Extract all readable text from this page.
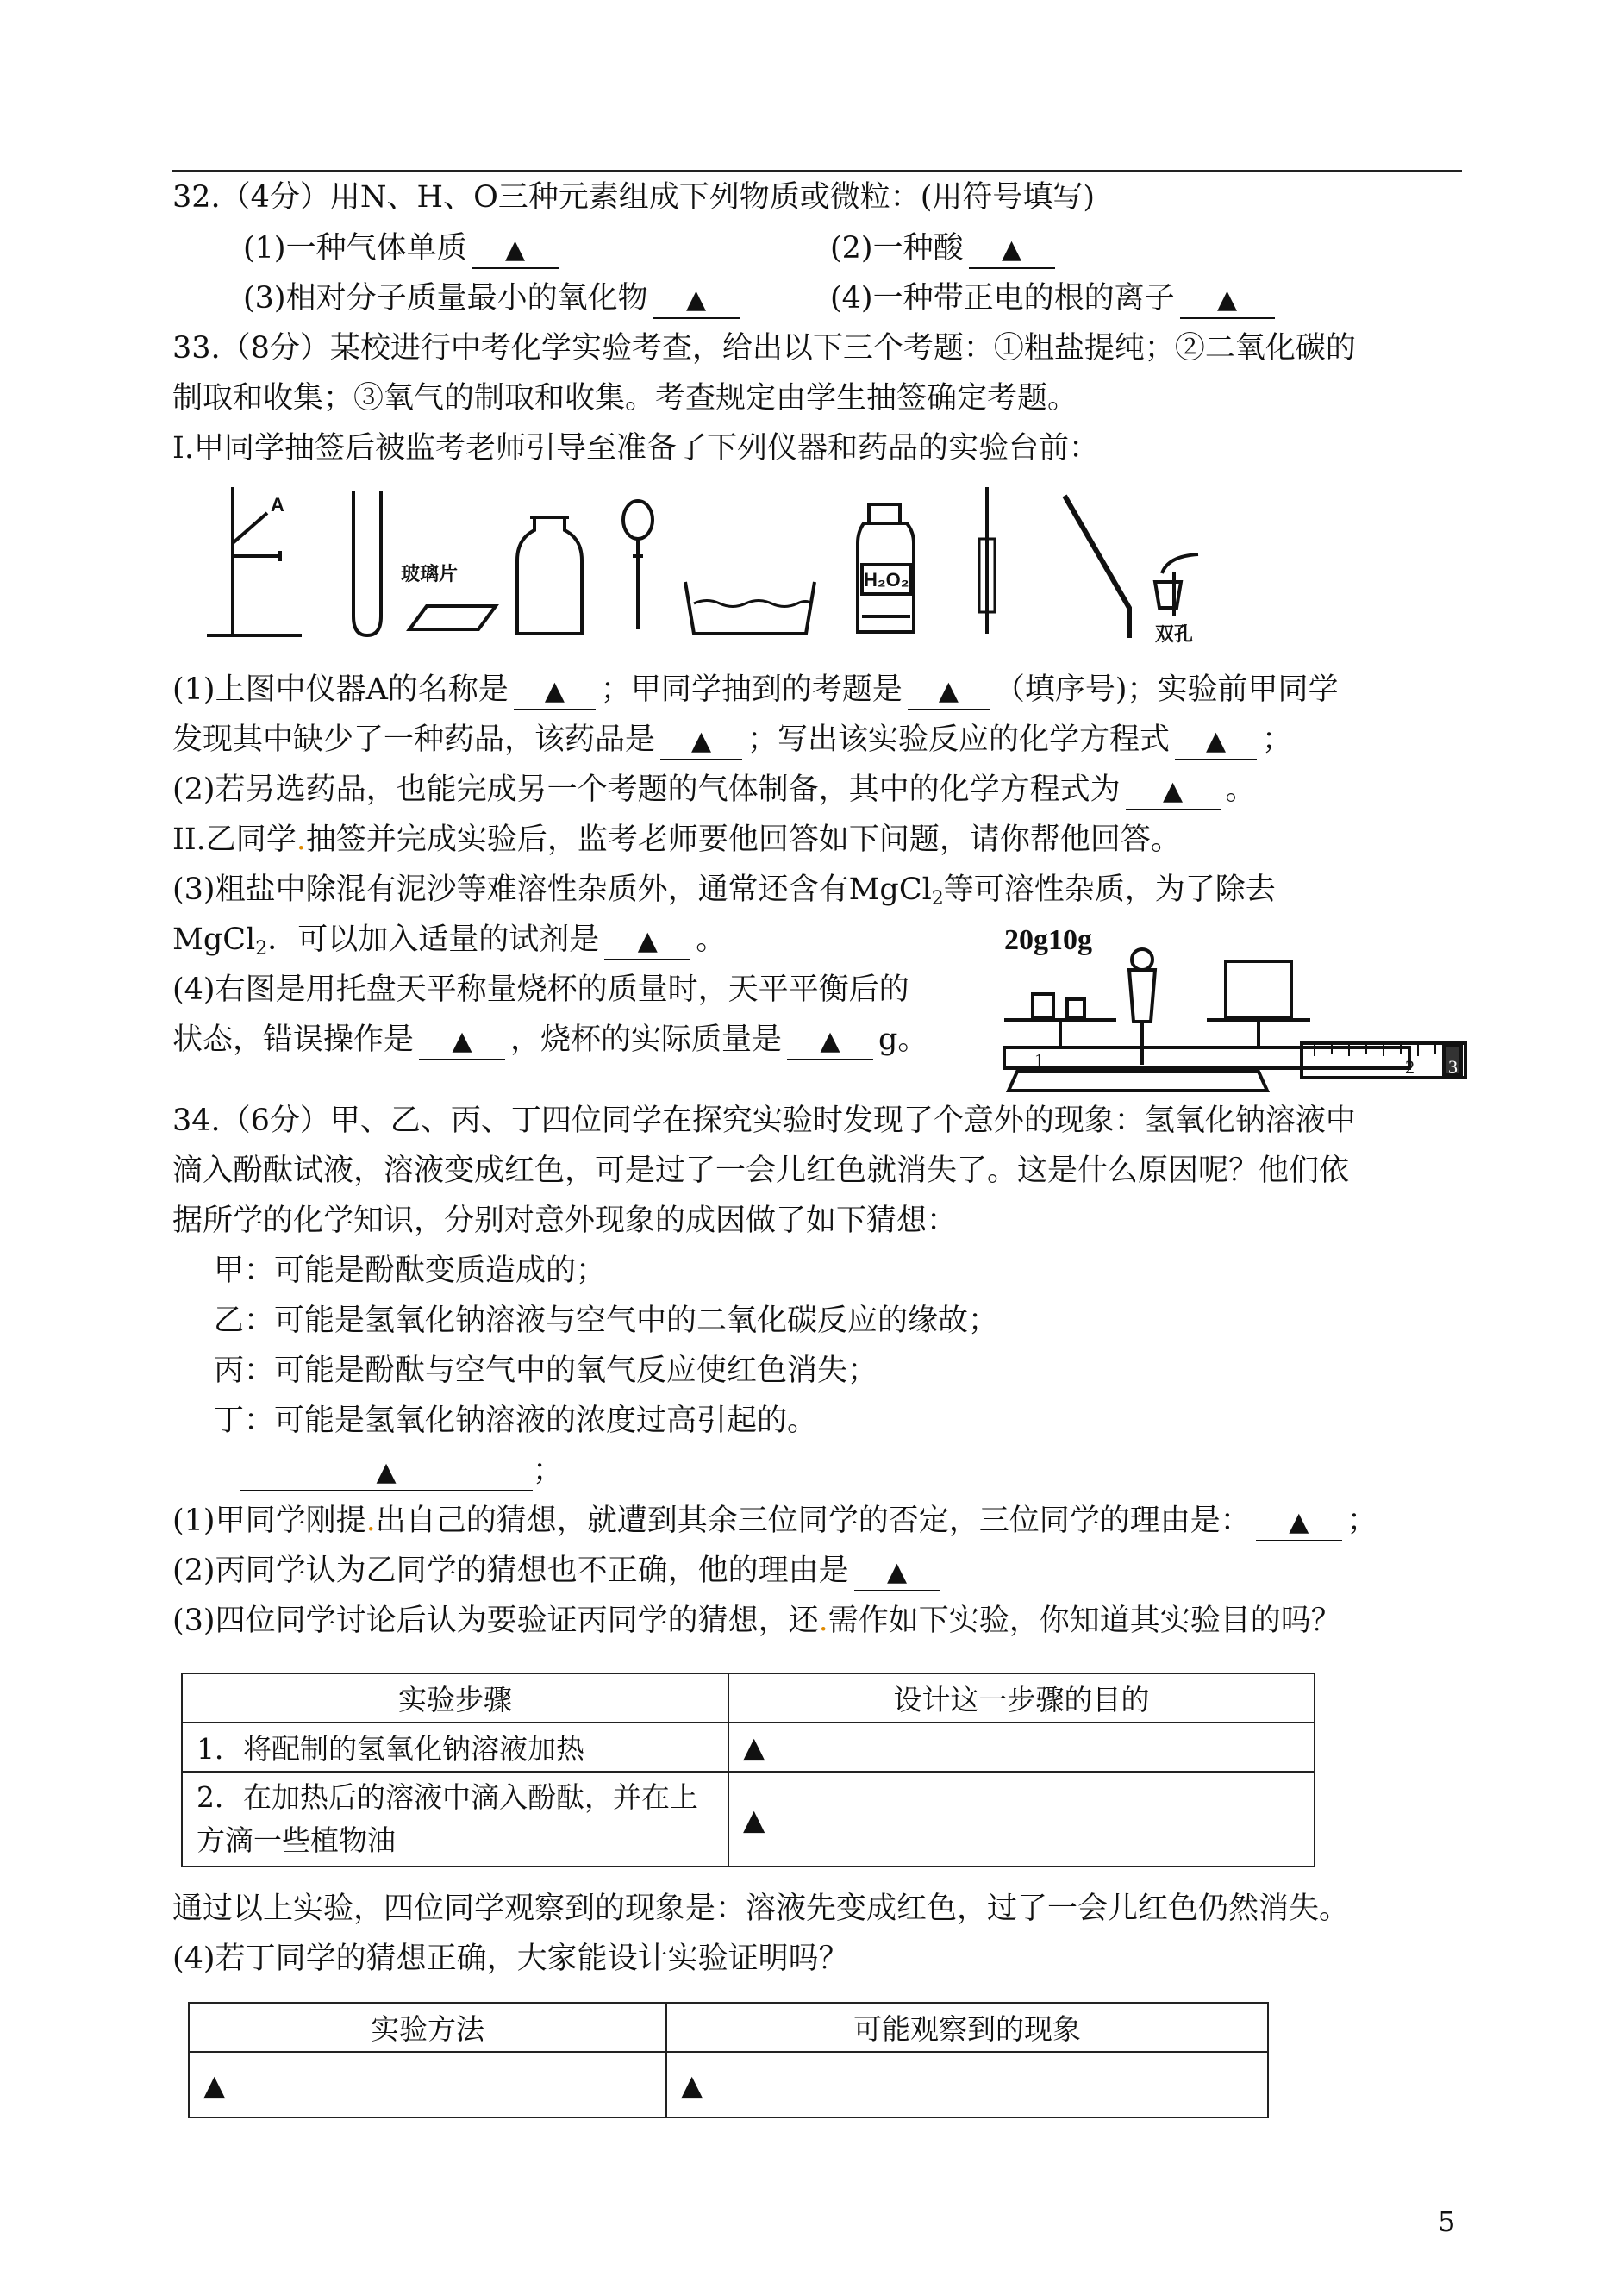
32.（4分）用N、H、O三种元素组成下列物质或微粒：(用符号填写)
(1)一种气体单质 ▲	(2)一种酸 ▲
(3)相对分子质量最小的氧化物 ▲	(4)一种带正电的根的离子 ▲
33.（8分）某校进行中考化学实验考查，给出以下三个考题：①粗盐提纯；②二氧化碳的
制取和收集；③氧气的制取和收集。考查规定由学生抽签确定考题。
I.甲同学抽签后被监考老师引导至准备了下列仪器和药品的实验台前：
A
玻璃片	H₂O₂
双孔
(1)上图中仪器A的名称是 ▲ ；甲同学抽到的考题是 ▲ （填序号)；实验前甲同学
发现其中缺少了一种药品，该药品是 ▲ ；写出该实验反应的化学方程式 ▲ ；
(2)若另选药品，也能完成另一个考题的气体制备，其中的化学方程式为 ▲ 。
II.乙同学.抽签并完成实验后，监考老师要他回答如下问题，请你帮他回答。
(3)粗盐中除混有泥沙等难溶性杂质外，通常还含有MgCl$_2$等可溶性杂质，为了除去
MgCl$_2$．可以加入适量的试剂是 ▲ 。
(4)右图是用托盘天平称量烧杯的质量时，天平平衡后的
状态，错误操作是 ▲ ，烧杯的实际质量是 ▲ g。
20g10g
1	2 3
34.（6分）甲、乙、丙、丁四位同学在探究实验时发现了个意外的现象：氢氧化钠溶液中
滴入酚酞试液，溶液变成红色，可是过了一会儿红色就消失了。这是什么原因呢？他们依
据所学的化学知识，分别对意外现象的成因做了如下猜想：
甲：可能是酚酞变质造成的；
乙：可能是氢氧化钠溶液与空气中的二氧化碳反应的缘故；
丙：可能是酚酞与空气中的氧气反应使红色消失；
丁：可能是氢氧化钠溶液的浓度过高引起的。
▲	；
(1)甲同学刚提.出自己的猜想，就遭到其余三位同学的否定，三位同学的理由是： ▲ ；
(2)丙同学认为乙同学的猜想也不正确，他的理由是 ▲
(3)四位同学讨论后认为要验证丙同学的猜想，还.需作如下实验，你知道其实验目的吗？
实验步骤	设计这一步骤的目的
1．将配制的氢氧化钠溶液加热	▲
2．在加热后的溶液中滴入酚酞，并在上方滴一些植物油	▲
通过以上实验，四位同学观察到的现象是：溶液先变成红色，过了一会儿红色仍然消失。
(4)若丁同学的猜想正确，大家能设计实验证明吗？
实验方法	可能观察到的现象
▲	▲
5
